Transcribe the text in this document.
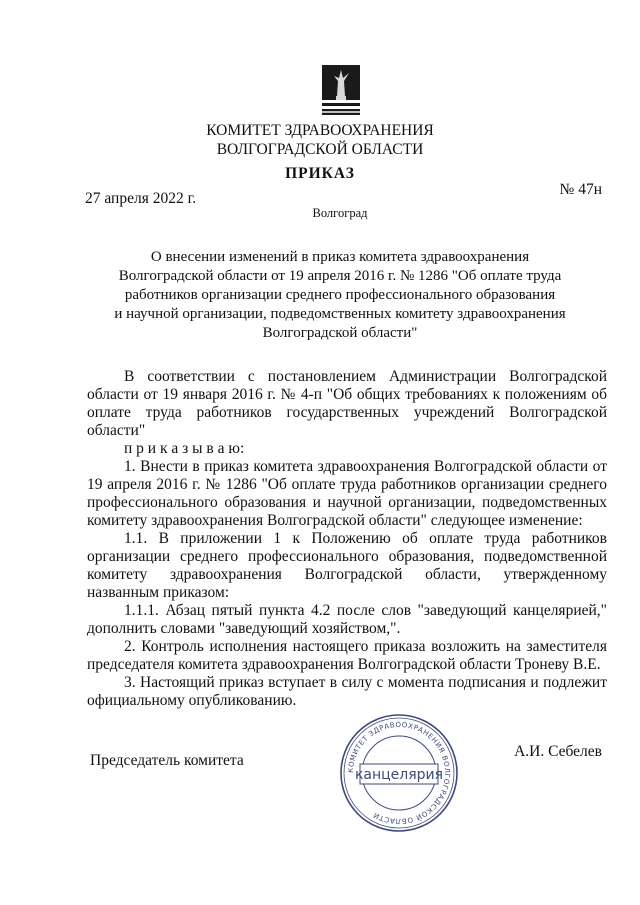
КОМИТЕТ ЗДРАВООХРАНЕНИЯ
ВОЛГОГРАДСКОЙ ОБЛАСТИ
ПРИКАЗ
27 апреля 2022 г.
№ 47н
Волгоград
О внесении изменений в приказ комитета здравоохранения
Волгоградской области от 19 апреля 2016 г. № 1286 "Об оплате труда
работников организации среднего профессионального образования
и научной организации, подведомственных комитету здравоохранения
Волгоградской области"

В соответствии с постановлением Администрации Волгоградской области от 19 января 2016 г. № 4-п "Об общих требованиях к положениям об оплате труда работников государственных учреждений Волгоградской области"

п р и к а з ы в а ю:

1. Внести в приказ комитета здравоохранения Волгоградской области от 19 апреля 2016 г. № 1286 "Об оплате труда работников организации среднего профессионального образования и научной организации, подведомственных комитету здравоохранения Волгоградской области" следующее изменение:

1.1. В приложении 1 к Положению об оплате труда работников организации среднего профессионального образования, подведомственной комитету здравоохранения Волгоградской области, утвержденному названным приказом:

1.1.1. Абзац пятый пункта 4.2 после слов "заведующий канцелярией," дополнить словами "заведующий хозяйством,".

2. Контроль исполнения настоящего приказа возложить на заместителя председателя комитета здравоохранения Волгоградской области Троневу В.Е.

3. Настоящий приказ вступает в силу с момента подписания и подлежит официальному опубликованию.

Председатель комитета
А.И. Себелев
КОМИТЕТ ЗДРАВООХРАНЕНИЯ ВОЛГОГРАДСКОЙ ОБЛАСТИ
канцелярия
